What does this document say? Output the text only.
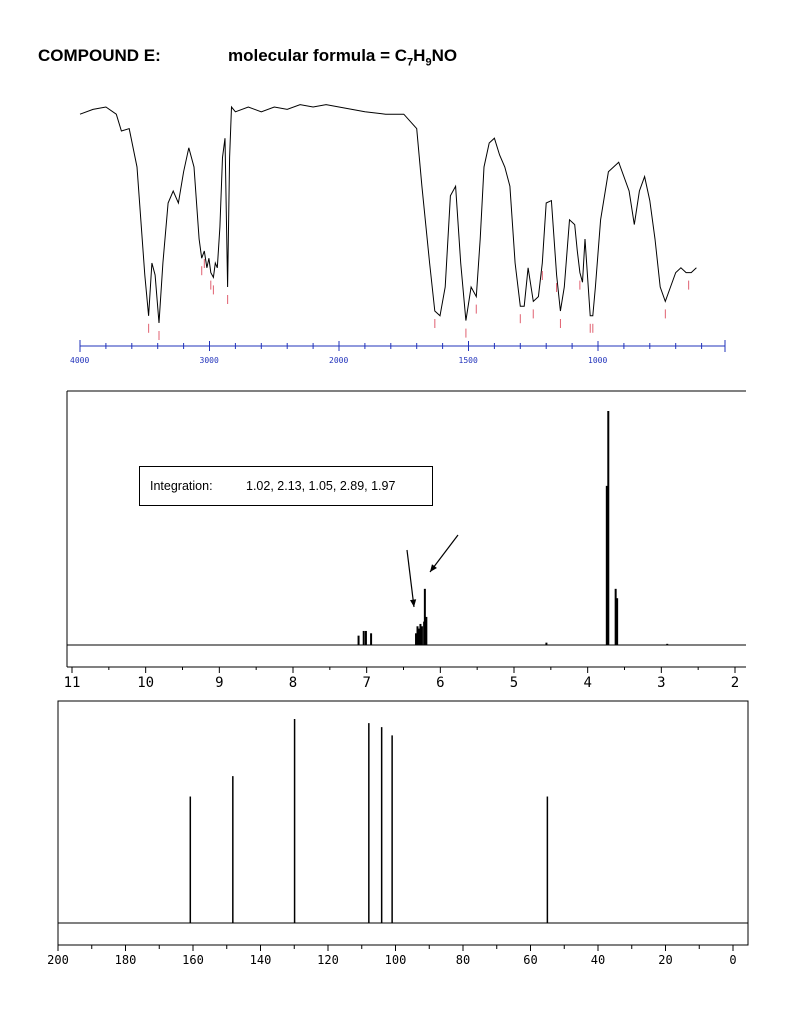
COMPOUND E:	molecular formula = $C_7H_9NO$
4000	3000	2000	1500	1000
11	10	9	8	7	6	5	4	3	2
Integration:	1.02, 2.13, 1.05, 2.89, 1.97
200	180	160	140	120	100	80	60	40	20	0
